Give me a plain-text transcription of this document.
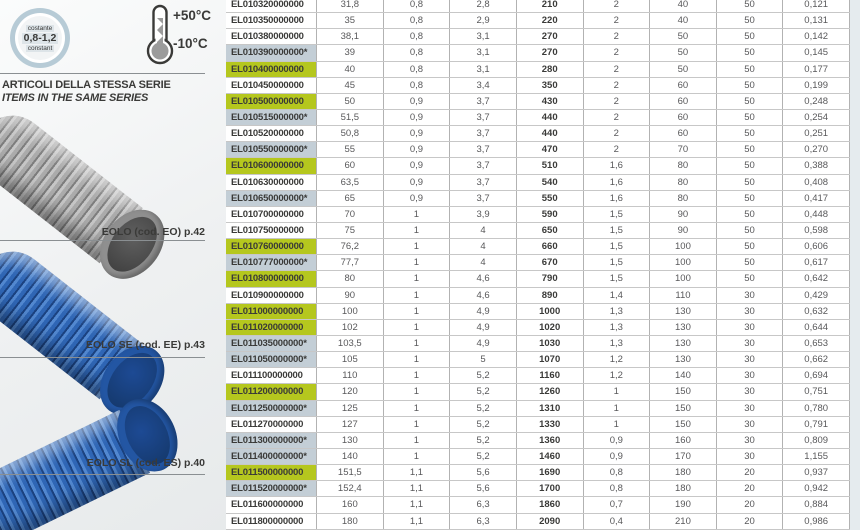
costante
0,8-1,2
constant
+50°C
-10°C
ARTICOLI DELLA STESSA SERIE
ITEMS IN THE SAME SERIES
EOLO (cod. EO) p.42
EOLO SE (cod. EE) p.43
EOLO SL (cod. ES) p.40
EL010320000000	31,8	0,8	2,8	210	2	40	50	0,121
EL010350000000	35	0,8	2,9	220	2	40	50	0,131
EL010380000000	38,1	0,8	3,1	270	2	50	50	0,142
EL010390000000*	39	0,8	3,1	270	2	50	50	0,145
EL010400000000	40	0,8	3,1	280	2	50	50	0,177
EL010450000000	45	0,8	3,4	350	2	60	50	0,199
EL010500000000	50	0,9	3,7	430	2	60	50	0,248
EL010515000000*	51,5	0,9	3,7	440	2	60	50	0,254
EL010520000000	50,8	0,9	3,7	440	2	60	50	0,251
EL010550000000*	55	0,9	3,7	470	2	70	50	0,270
EL010600000000	60	0,9	3,7	510	1,6	80	50	0,388
EL010630000000	63,5	0,9	3,7	540	1,6	80	50	0,408
EL010650000000*	65	0,9	3,7	550	1,6	80	50	0,417
EL010700000000	70	1	3,9	590	1,5	90	50	0,448
EL010750000000	75	1	4	650	1,5	90	50	0,598
EL010760000000	76,2	1	4	660	1,5	100	50	0,606
EL010777000000*	77,7	1	4	670	1,5	100	50	0,617
EL010800000000	80	1	4,6	790	1,5	100	50	0,642
EL010900000000	90	1	4,6	890	1,4	110	30	0,429
EL011000000000	100	1	4,9	1000	1,3	130	30	0,632
EL011020000000	102	1	4,9	1020	1,3	130	30	0,644
EL011035000000*	103,5	1	4,9	1030	1,3	130	30	0,653
EL011050000000*	105	1	5	1070	1,2	130	30	0,662
EL011100000000	110	1	5,2	1160	1,2	140	30	0,694
EL011200000000	120	1	5,2	1260	1	150	30	0,751
EL011250000000*	125	1	5,2	1310	1	150	30	0,780
EL011270000000	127	1	5,2	1330	1	150	30	0,791
EL011300000000*	130	1	5,2	1360	0,9	160	30	0,809
EL011400000000*	140	1	5,2	1460	0,9	170	30	1,155
EL011500000000	151,5	1,1	5,6	1690	0,8	180	20	0,937
EL011520000000*	152,4	1,1	5,6	1700	0,8	180	20	0,942
EL011600000000	160	1,1	6,3	1860	0,7	190	20	0,884
EL011800000000	180	1,1	6,3	2090	0,4	210	20	0,986
